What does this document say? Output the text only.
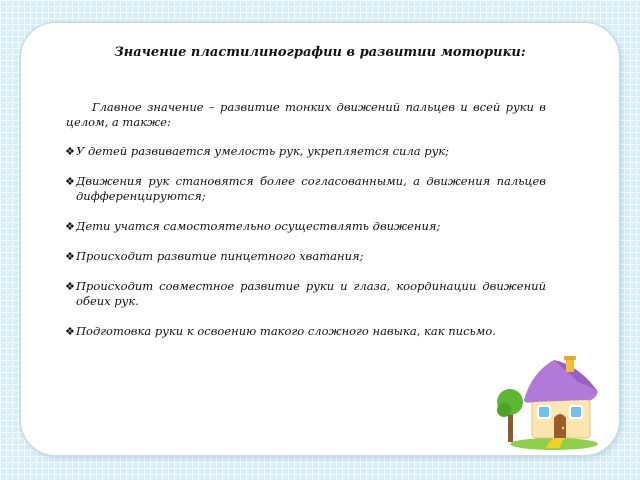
Значение пластилинографии в развитии моторики:

Главное значение – развитие тонких движений пальцев и всей руки в целом, а также:

❖ У детей развивается умелость рук, укрепляется сила рук;
❖ Движения рук становятся более согласованными, а движения пальцев дифференцируются;
❖ Дети учатся самостоятельно осуществлять движения;
❖ Происходит развитие пинцетного хватания;
❖ Происходит совместное развитие руки и глаза, координации движений обеих рук.
❖ Подготовка руки к освоению такого сложного навыка, как письмо.
